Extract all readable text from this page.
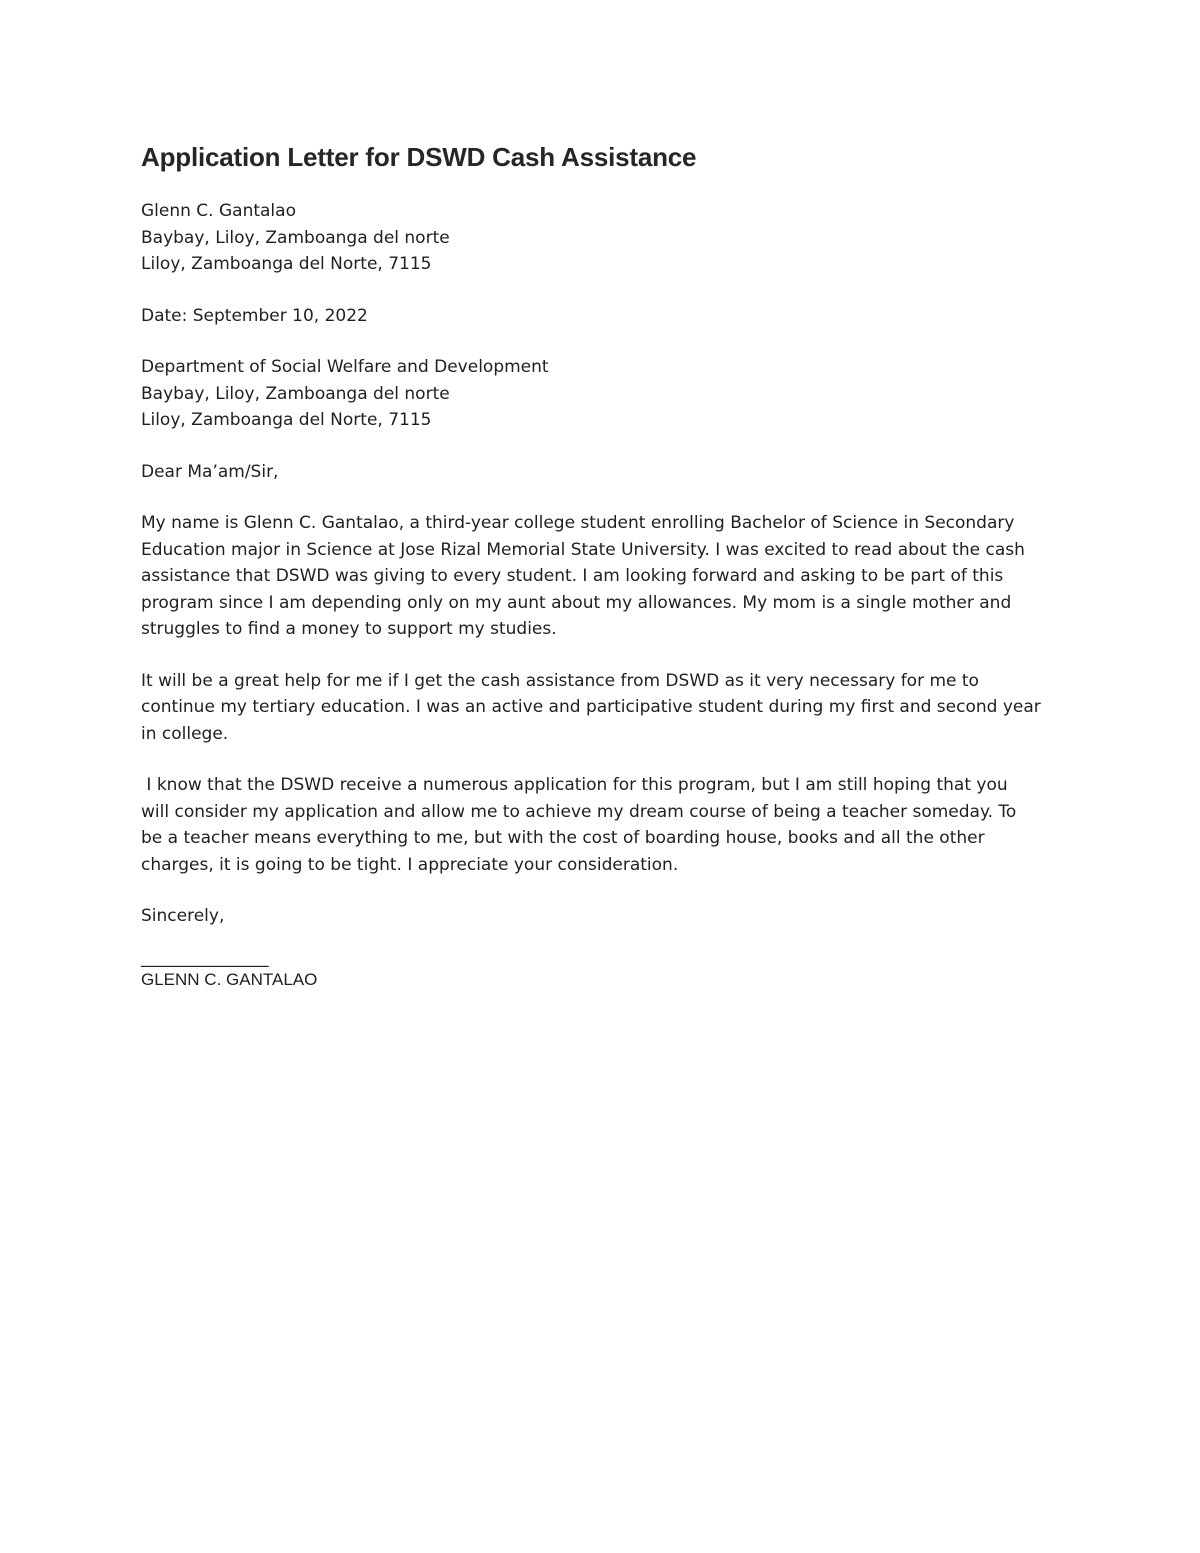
Application Letter for DSWD Cash Assistance
Glenn C. Gantalao
Baybay, Liloy, Zamboanga del norte
Liloy, Zamboanga del Norte, 7115
Date: September 10, 2022
Department of Social Welfare and Development
Baybay, Liloy, Zamboanga del norte
Liloy, Zamboanga del Norte, 7115
Dear Ma’am/Sir,
My name is Glenn C. Gantalao, a third-year college student enrolling Bachelor of Science in Secondary
Education major in Science at Jose Rizal Memorial State University. I was excited to read about the cash
assistance that DSWD was giving to every student. I am looking forward and asking to be part of this
program since I am depending only on my aunt about my allowances. My mom is a single mother and
struggles to find a money to support my studies.
It will be a great help for me if I get the cash assistance from DSWD as it very necessary for me to
continue my tertiary education. I was an active and participative student during my first and second year
in college.
I know that the DSWD receive a numerous application for this program, but I am still hoping that you
will consider my application and allow me to achieve my dream course of being a teacher someday. To
be a teacher means everything to me, but with the cost of boarding house, books and all the other
charges, it is going to be tight. I appreciate your consideration.
Sincerely,
_______________
GLENN C. GANTALAO
